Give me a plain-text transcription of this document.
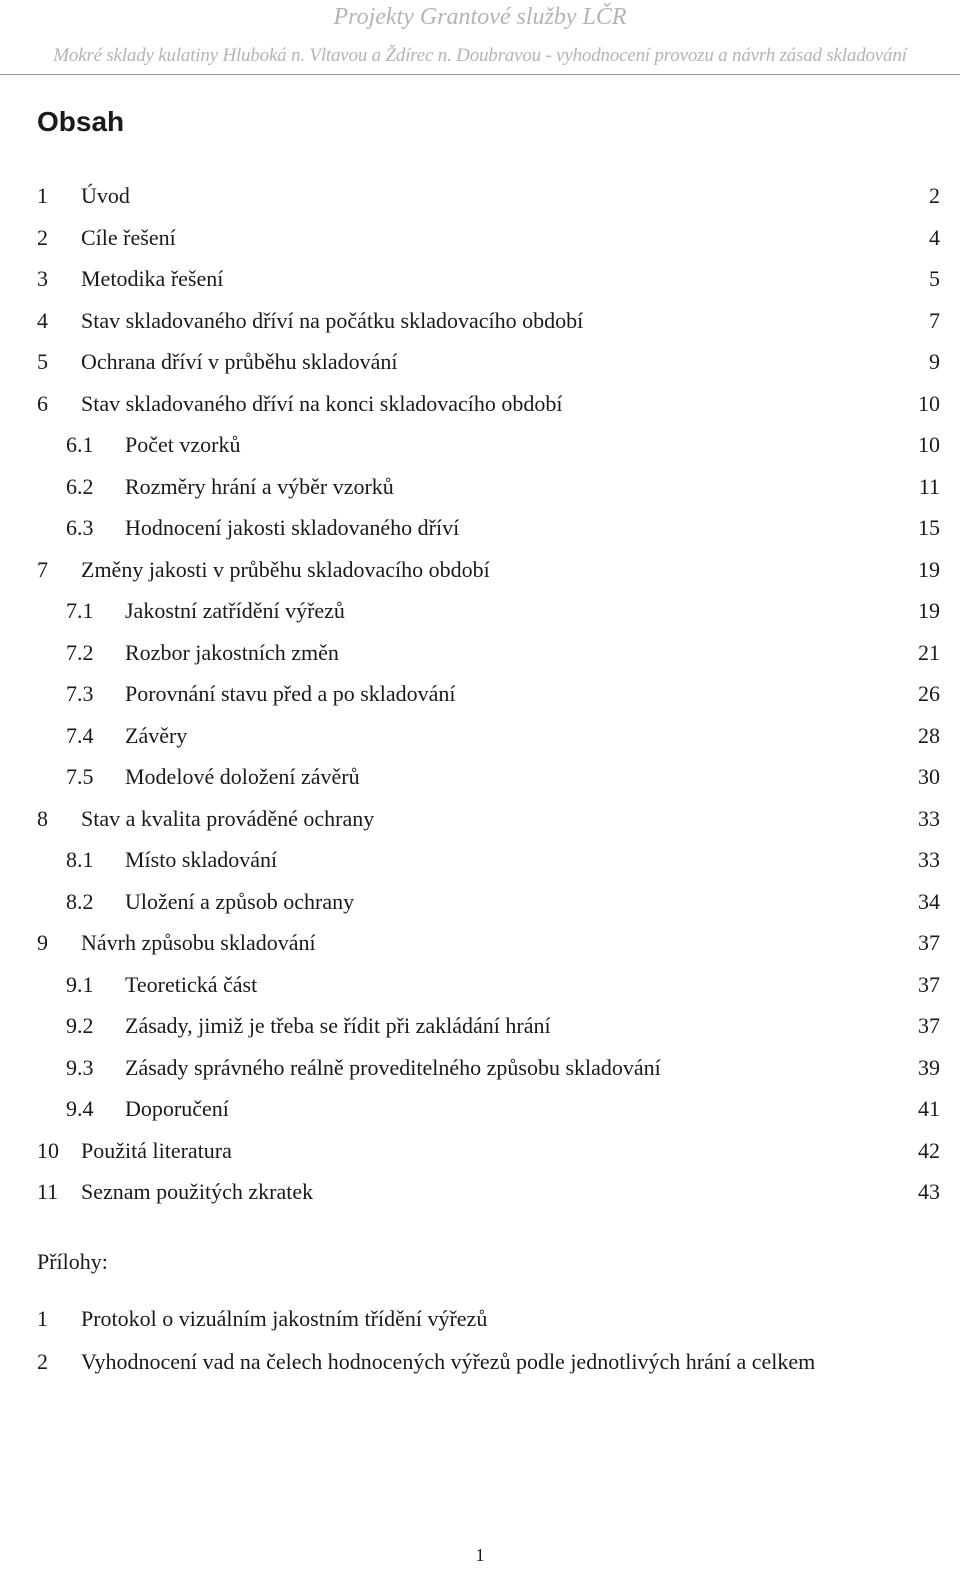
Projekty Grantové služby LČR
Mokré sklady kulatiny Hluboká n. Vltavou a Ždírec n. Doubravou - vyhodnocení provozu a návrh zásad skladování
Obsah
1 Úvod	2
2 Cíle řešení	4
3 Metodika řešení	5
4 Stav skladovaného dříví na počátku skladovacího období	7
5 Ochrana dříví v průběhu skladování	9
6 Stav skladovaného dříví na konci skladovacího období	10
6.1 Počet vzorků	10
6.2 Rozměry hrání a výběr vzorků	11
6.3 Hodnocení jakosti skladovaného dříví	15
7 Změny jakosti v průběhu skladovacího období	19
7.1 Jakostní zatřídění výřezů	19
7.2 Rozbor jakostních změn	21
7.3 Porovnání stavu před a po skladování	26
7.4 Závěry	28
7.5 Modelové doložení závěrů	30
8 Stav a kvalita prováděné ochrany	33
8.1 Místo skladování	33
8.2 Uložení a způsob ochrany	34
9 Návrh způsobu skladování	37
9.1 Teoretická část	37
9.2 Zásady, jimiž je třeba se řídit při zakládání hrání	37
9.3 Zásady správného reálně proveditelného způsobu skladování	39
9.4 Doporučení	41
10 Použitá literatura	42
11 Seznam použitých zkratek	43
Přílohy:
1 Protokol o vizuálním jakostním třídění výřezů
2 Vyhodnocení vad na čelech hodnocených výřezů podle jednotlivých hrání a celkem
1
